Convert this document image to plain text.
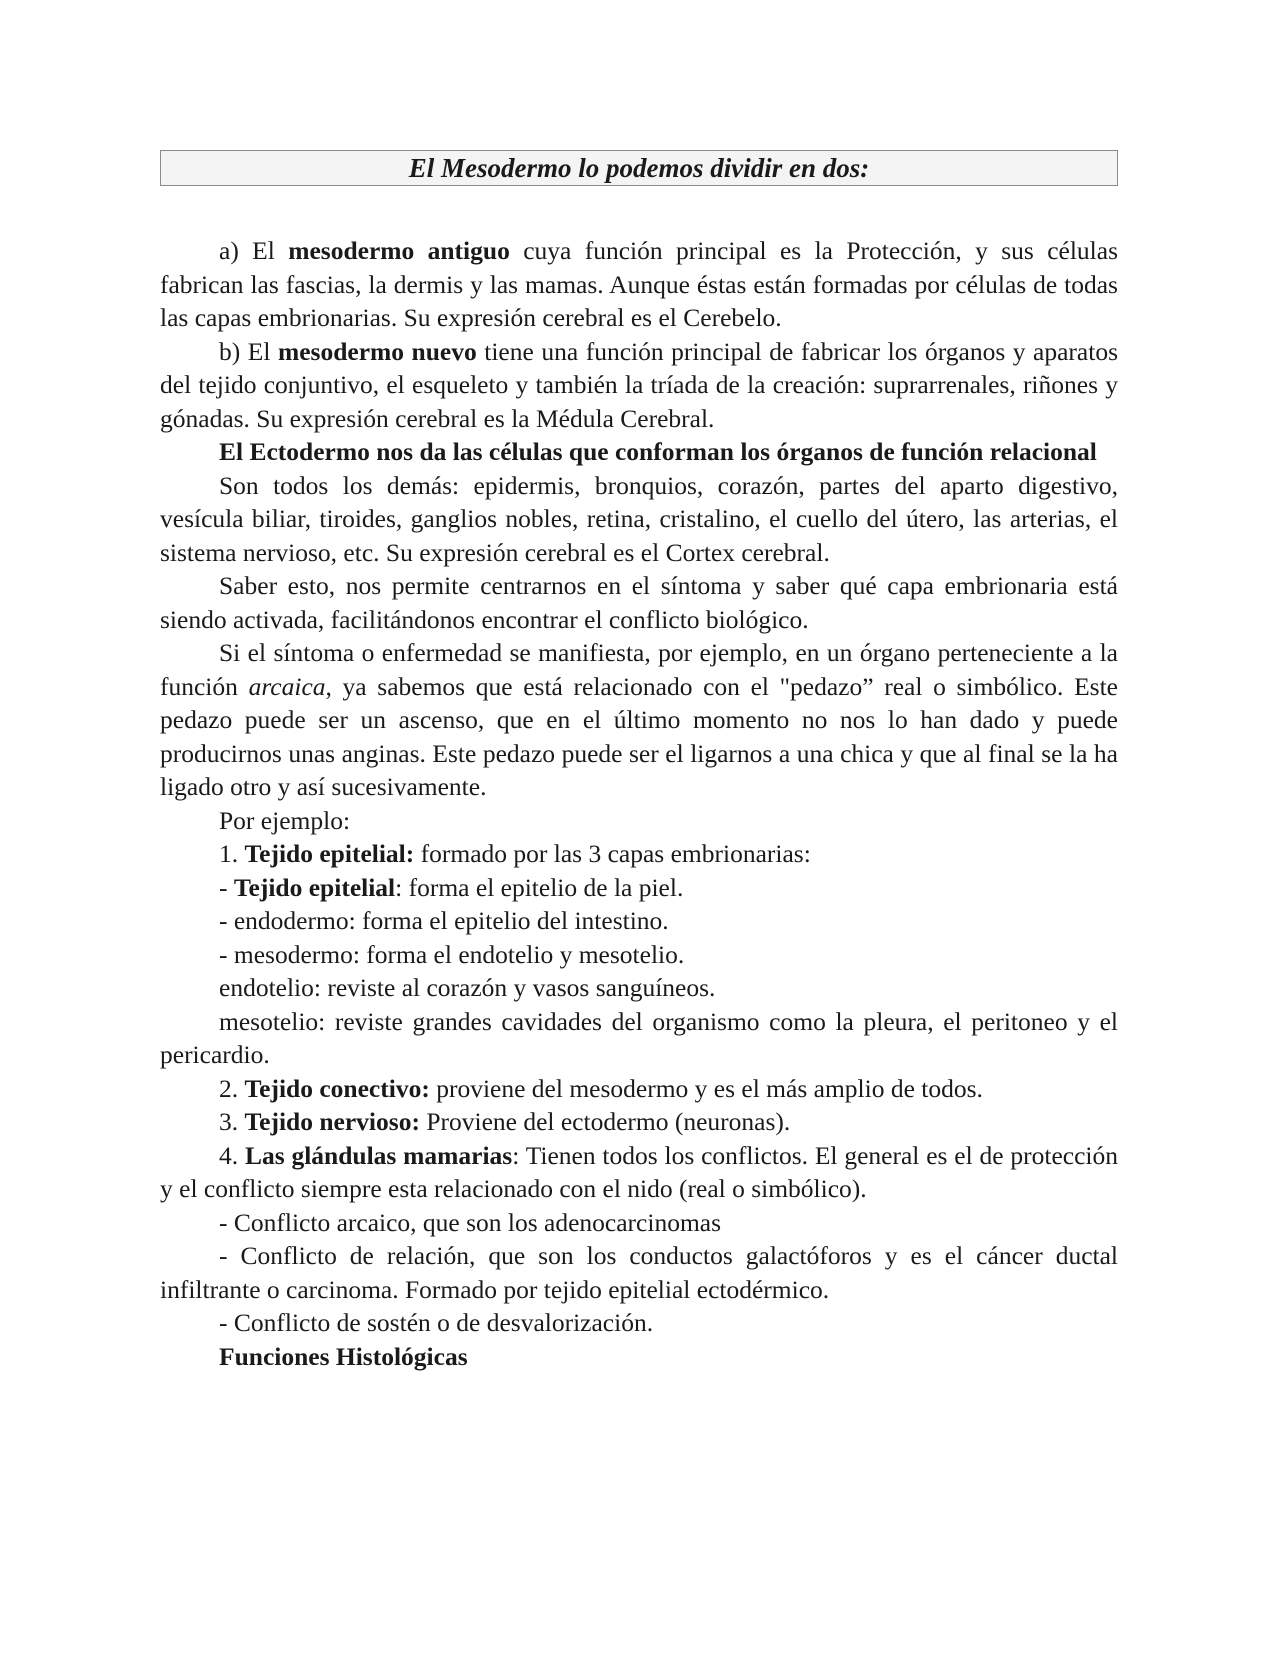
El Mesodermo lo podemos dividir en dos:

a) El mesodermo antiguo cuya función principal es la Protección, y sus células fabrican las fascias, la dermis y las mamas. Aunque éstas están formadas por células de todas las capas embrionarias. Su expresión cerebral es el Cerebelo.

b) El mesodermo nuevo tiene una función principal de fabricar los órganos y aparatos del tejido conjuntivo, el esqueleto y también la tríada de la creación: suprarrenales, riñones y gónadas. Su expresión cerebral es la Médula Cerebral.

El Ectodermo nos da las células que conforman los órganos de función relacional

Son todos los demás: epidermis, bronquios, corazón, partes del aparto digestivo, vesícula biliar, tiroides, ganglios nobles, retina, cristalino, el cuello del útero, las arterias, el sistema nervioso, etc. Su expresión cerebral es el Cortex cerebral.

Saber esto, nos permite centrarnos en el síntoma y saber qué capa embrionaria está siendo activada, facilitándonos encontrar el conflicto biológico.

Si el síntoma o enfermedad se manifiesta, por ejemplo, en un órgano perteneciente a la función arcaica, ya sabemos que está relacionado con el "pedazo” real o simbólico. Este pedazo puede ser un ascenso, que en el último momento no nos lo han dado y puede producirnos unas anginas. Este pedazo puede ser el ligarnos a una chica y que al final se la ha ligado otro y así sucesivamente.

Por ejemplo:

1. Tejido epitelial: formado por las 3 capas embrionarias:

- Tejido epitelial: forma el epitelio de la piel.

- endodermo: forma el epitelio del intestino.

- mesodermo: forma el endotelio y mesotelio.

endotelio: reviste al corazón y vasos sanguíneos.

mesotelio: reviste grandes cavidades del organismo como la pleura, el peritoneo y el pericardio.

2. Tejido conectivo: proviene del mesodermo y es el más amplio de todos.

3. Tejido nervioso: Proviene del ectodermo (neuronas).

4. Las glándulas mamarias: Tienen todos los conflictos. El general es el de protección y el conflicto siempre esta relacionado con el nido (real o simbólico).

- Conflicto arcaico, que son los adenocarcinomas

- Conflicto de relación, que son los conductos galactóforos y es el cáncer ductal infiltrante o carcinoma. Formado por tejido epitelial ectodérmico.

- Conflicto de sostén o de desvalorización.

Funciones Histológicas
